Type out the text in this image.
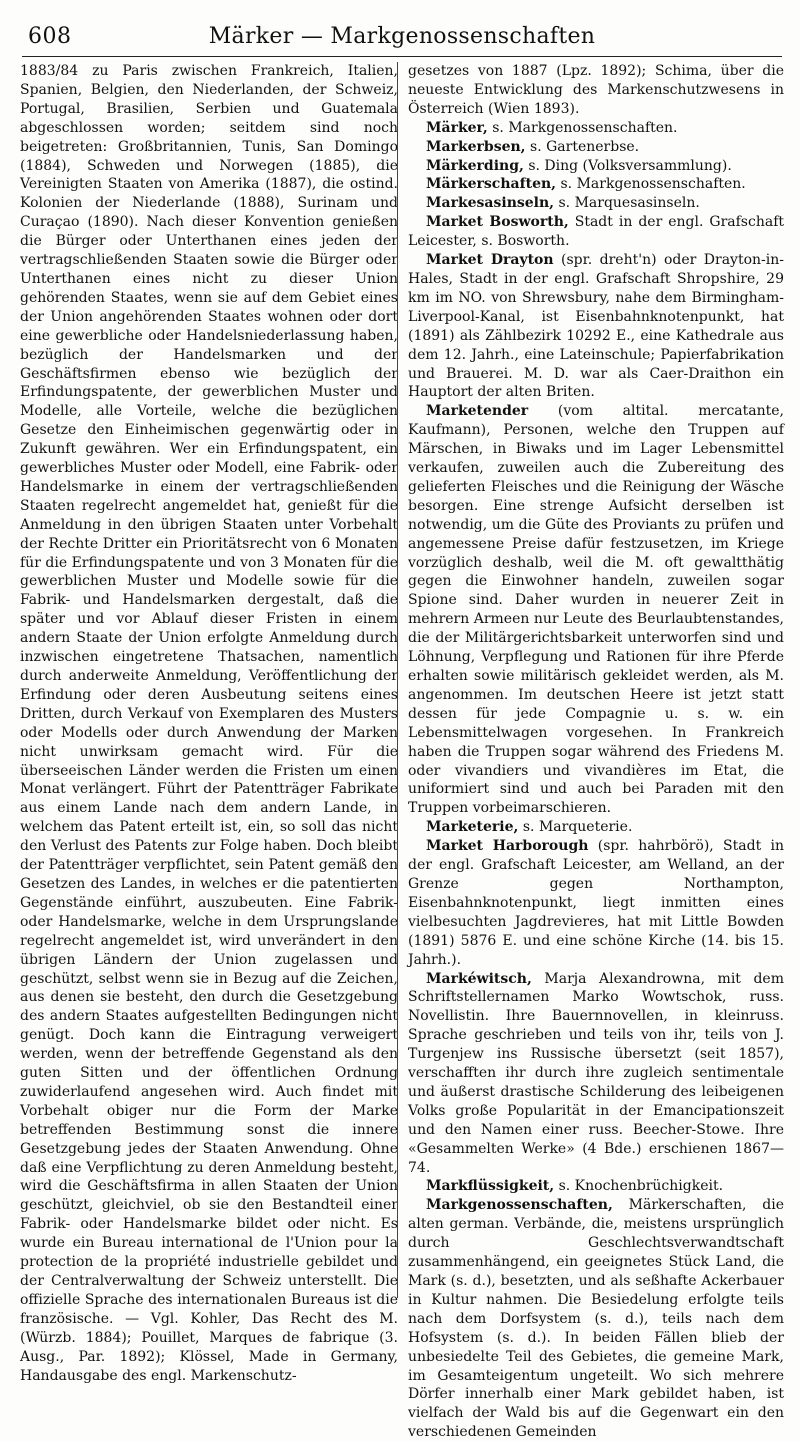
608	Märker — Markgenossenschaften

1883/84 zu Paris zwischen Frankreich, Italien, Spanien, Belgien, den Niederlanden, der Schweiz, Portugal, Brasilien, Serbien und Guatemala abgeschlossen worden; seitdem sind noch beigetreten: Großbritannien, Tunis, San Domingo (1884), Schweden und Norwegen (1885), die Vereinigten Staaten von Amerika (1887), die ostind. Kolonien der Niederlande (1888), Surinam und Curaçao (1890). Nach dieser Konvention genießen die Bürger oder Unterthanen eines jeden der vertragschließenden Staaten sowie die Bürger oder Unterthanen eines nicht zu dieser Union gehörenden Staates, wenn sie auf dem Gebiet eines der Union angehörenden Staates wohnen oder dort eine gewerbliche oder Handelsniederlassung haben, bezüglich der Handelsmarken und der Geschäftsfirmen ebenso wie bezüglich der Erfindungspatente, der gewerblichen Muster und Modelle, alle Vorteile, welche die bezüglichen Gesetze den Einheimischen gegenwärtig oder in Zukunft gewähren. Wer ein Erfindungspatent, ein gewerbliches Muster oder Modell, eine Fabrik- oder Handelsmarke in einem der vertragschließenden Staaten regelrecht angemeldet hat, genießt für die Anmeldung in den übrigen Staaten unter Vorbehalt der Rechte Dritter ein Prioritätsrecht von 6 Monaten für die Erfindungspatente und von 3 Monaten für die gewerblichen Muster und Modelle sowie für die Fabrik- und Handelsmarken dergestalt, daß die später und vor Ablauf dieser Fristen in einem andern Staate der Union erfolgte Anmeldung durch inzwischen eingetretene Thatsachen, namentlich durch anderweite Anmeldung, Veröffentlichung der Erfindung oder deren Ausbeutung seitens eines Dritten, durch Verkauf von Exemplaren des Musters oder Modells oder durch Anwendung der Marken nicht unwirksam gemacht wird. Für die überseeischen Länder werden die Fristen um einen Monat verlängert. Führt der Patentträger Fabrikate aus einem Lande nach dem andern Lande, in welchem das Patent erteilt ist, ein, so soll das nicht den Verlust des Patents zur Folge haben. Doch bleibt der Patentträger verpflichtet, sein Patent gemäß den Gesetzen des Landes, in welches er die patentierten Gegenstände einführt, auszubeuten. Eine Fabrik- oder Handelsmarke, welche in dem Ursprungslande regelrecht angemeldet ist, wird unverändert in den übrigen Ländern der Union zugelassen und geschützt, selbst wenn sie in Bezug auf die Zeichen, aus denen sie besteht, den durch die Gesetzgebung des andern Staates aufgestellten Bedingungen nicht genügt. Doch kann die Eintragung verweigert werden, wenn der betreffende Gegenstand als den guten Sitten und der öffentlichen Ordnung zuwiderlaufend angesehen wird. Auch findet mit Vorbehalt obiger nur die Form der Marke betreffenden Bestimmung sonst die innere Gesetzgebung jedes der Staaten Anwendung. Ohne daß eine Verpflichtung zu deren Anmeldung besteht, wird die Geschäftsfirma in allen Staaten der Union geschützt, gleichviel, ob sie den Bestandteil einer Fabrik- oder Handelsmarke bildet oder nicht. Es wurde ein Bureau international de l'Union pour la protection de la propriété industrielle gebildet und der Centralverwaltung der Schweiz unterstellt. Die offizielle Sprache des internationalen Bureaus ist die französische. — Vgl. Kohler, Das Recht des M. (Würzb. 1884); Pouillet, Marques de fabrique (3. Ausg., Par. 1892); Klössel, Made in Germany, Handausgabe des engl. Markenschutz-

gesetzes von 1887 (Lpz. 1892); Schima, über die neueste Entwicklung des Markenschutzwesens in Österreich (Wien 1893).

Märker, s. Markgenossenschaften.

Markerbsen, s. Gartenerbse.

Märkerding, s. Ding (Volksversammlung).

Märkerschaften, s. Markgenossenschaften.

Markesasinseln, s. Marquesasinseln.

Market Bosworth, Stadt in der engl. Grafschaft Leicester, s. Bosworth.

Market Drayton (spr. dreht'n) oder Drayton-in-Hales, Stadt in der engl. Grafschaft Shropshire, 29 km im NO. von Shrewsbury, nahe dem Birmingham-Liverpool-Kanal, ist Eisenbahnknotenpunkt, hat (1891) als Zählbezirk 10292 E., eine Kathedrale aus dem 12. Jahrh., eine Lateinschule; Papierfabrikation und Brauerei. M. D. war als Caer-Draithon ein Hauptort der alten Briten.

Marketender (vom altital. mercatante, Kaufmann), Personen, welche den Truppen auf Märschen, in Biwaks und im Lager Lebensmittel verkaufen, zuweilen auch die Zubereitung des gelieferten Fleisches und die Reinigung der Wäsche besorgen. Eine strenge Aufsicht derselben ist notwendig, um die Güte des Proviants zu prüfen und angemessene Preise dafür festzusetzen, im Kriege vorzüglich deshalb, weil die M. oft gewaltthätig gegen die Einwohner handeln, zuweilen sogar Spione sind. Daher wurden in neuerer Zeit in mehrern Armeen nur Leute des Beurlaubtenstandes, die der Militärgerichtsbarkeit unterworfen sind und Löhnung, Verpflegung und Rationen für ihre Pferde erhalten sowie militärisch gekleidet werden, als M. angenommen. Im deutschen Heere ist jetzt statt dessen für jede Compagnie u. s. w. ein Lebensmittelwagen vorgesehen. In Frankreich haben die Truppen sogar während des Friedens M. oder vivandiers und vivandières im Etat, die uniformiert sind und auch bei Paraden mit den Truppen vorbeimarschieren.

Marketerie, s. Marqueterie.

Market Harborough (spr. hahrbörö), Stadt in der engl. Grafschaft Leicester, am Welland, an der Grenze gegen Northampton, Eisenbahnknotenpunkt, liegt inmitten eines vielbesuchten Jagdrevieres, hat mit Little Bowden (1891) 5876 E. und eine schöne Kirche (14. bis 15. Jahrh.).

Markéwitsch, Marja Alexandrowna, mit dem Schriftstellernamen Marko Wowtschok, russ. Novellistin. Ihre Bauernnovellen, in kleinruss. Sprache geschrieben und teils von ihr, teils von J. Turgenjew ins Russische übersetzt (seit 1857), verschafften ihr durch ihre zugleich sentimentale und äußerst drastische Schilderung des leibeigenen Volks große Popularität in der Emancipationszeit und den Namen einer russ. Beecher-Stowe. Ihre «Gesammelten Werke» (4 Bde.) erschienen 1867—74.

Markflüssigkeit, s. Knochenbrüchigkeit.

Markgenossenschaften, Märkerschaften, die alten german. Verbände, die, meistens ursprünglich durch Geschlechtsverwandtschaft zusammenhängend, ein geeignetes Stück Land, die Mark (s. d.), besetzten, und als seßhafte Ackerbauer in Kultur nahmen. Die Besiedelung erfolgte teils nach dem Dorfsystem (s. d.), teils nach dem Hofsystem (s. d.). In beiden Fällen blieb der unbesiedelte Teil des Gebietes, die gemeine Mark, im Gesamteigentum ungeteilt. Wo sich mehrere Dörfer innerhalb einer Mark gebildet haben, ist vielfach der Wald bis auf die Gegenwart ein den verschiedenen Gemeinden
